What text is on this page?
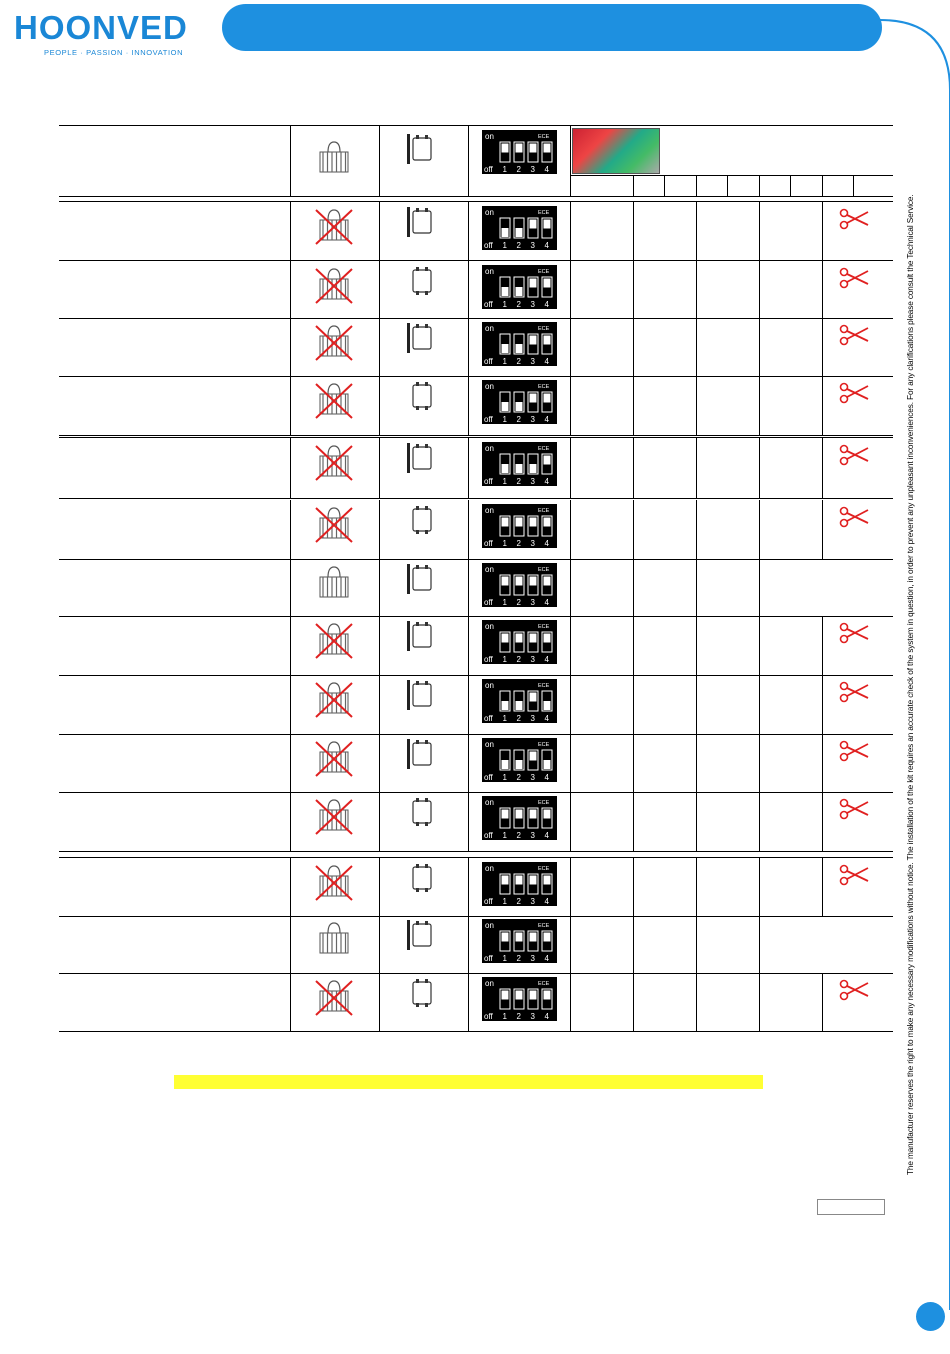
HOONVED
PEOPLE · PASSION · INNOVATION
The manufacturer reserves the right to make any necessary modifications without notice. The installation of the kit requires an accurate check of the system in question, in order to prevent any unpleasant inconveniences. For any clarifications please consult the Technical Service.
on	ECE
off 1 2 3 4
on	ECE
off 1 2 3 4
on	ECE
off 1 2 3 4
on	ECE
off 1 2 3 4
on	ECE
off 1 2 3 4
on	ECE
off 1 2 3 4
on	ECE
off 1 2 3 4
on	ECE
off 1 2 3 4
on	ECE
off 1 2 3 4
on	ECE
off 1 2 3 4
on	ECE
off 1 2 3 4
on	ECE
off 1 2 3 4
on	ECE
off 1 2 3 4
on	ECE
off 1 2 3 4
on	ECE
off 1 2 3 4
